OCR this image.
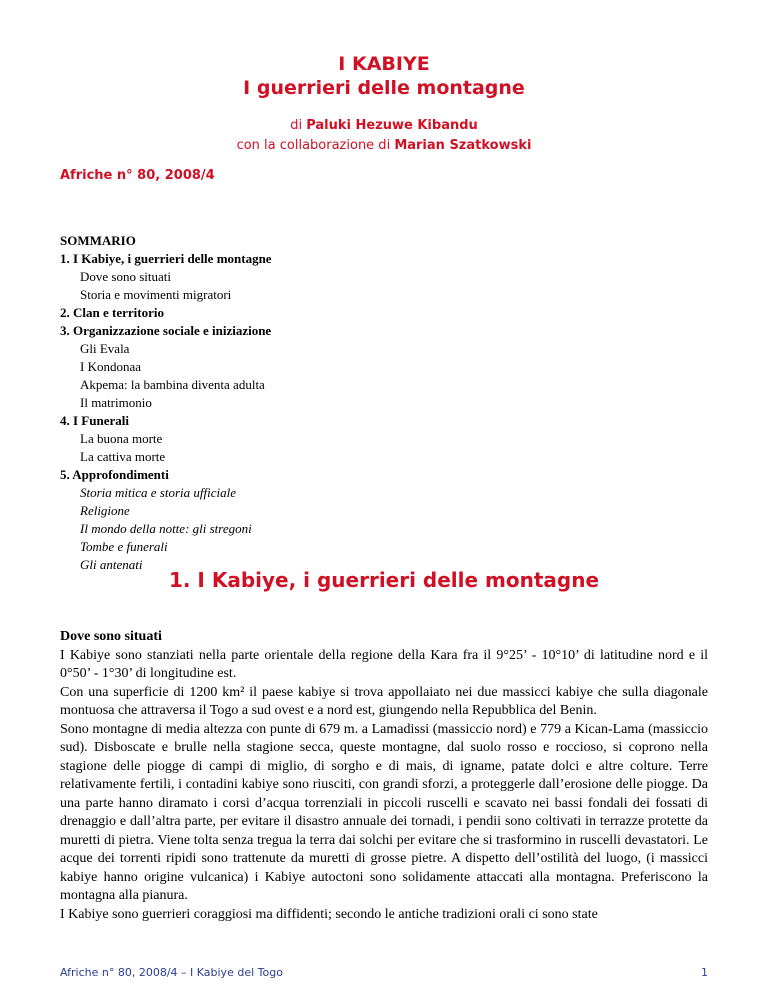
I KABIYE
I guerrieri delle montagne
di Paluki Hezuwe Kibandu
con la collaborazione di Marian Szatkowski
Afriche n° 80, 2008/4
SOMMARIO
1. I Kabiye, i guerrieri delle montagne
Dove sono situati
Storia e movimenti migratori
2. Clan e territorio
3. Organizzazione sociale e iniziazione
Gli Evala
I Kondonaa
Akpema: la bambina diventa adulta
Il matrimonio
4. I Funerali
La buona morte
La cattiva morte
5. Approfondimenti
Storia mitica e storia ufficiale
Religione
Il mondo della notte: gli stregoni
Tombe e funerali
Gli antenati
1. I Kabiye, i guerrieri delle montagne
Dove sono situati

I Kabiye sono stanziati nella parte orientale della regione della Kara fra il 9°25’ - 10°10’ di latitudine nord e il 0°50’ - 1°30’ di longitudine est.

Con una superficie di 1200 km² il paese kabiye si trova appollaiato nei due massicci kabiye che sulla diagonale montuosa che attraversa il Togo a sud ovest e a nord est, giungendo nella Repubblica del Benin.

Sono montagne di media altezza con punte di 679 m. a Lamadissi (massiccio nord) e 779 a Kican-Lama (massiccio sud). Disboscate e brulle nella stagione secca, queste montagne, dal suolo rosso e roccioso, si coprono nella stagione delle piogge di campi di miglio, di sorgho e di mais, di igname, patate dolci e altre colture. Terre relativamente fertili, i contadini kabiye sono riusciti, con grandi sforzi, a proteggerle dall’erosione delle piogge. Da una parte hanno diramato i corsi d’acqua torrenziali in piccoli ruscelli e scavato nei bassi fondali dei fossati di drenaggio e dall’altra parte, per evitare il disastro annuale dei tornadi, i pendii sono coltivati in terrazze protette da muretti di pietra. Viene tolta senza tregua la terra dai solchi per evitare che si trasformino in ruscelli devastatori. Le acque dei torrenti ripidi sono trattenute da muretti di grosse pietre. A dispetto dell’ostilità del luogo, (i massicci kabiye hanno origine vulcanica) i Kabiye autoctoni sono solidamente attaccati alla montagna. Preferiscono la montagna alla pianura.

I Kabiye sono guerrieri coraggiosi ma diffidenti; secondo le antiche tradizioni orali ci sono state

Afriche n° 80, 2008/4 – I Kabiye del Togo	1
